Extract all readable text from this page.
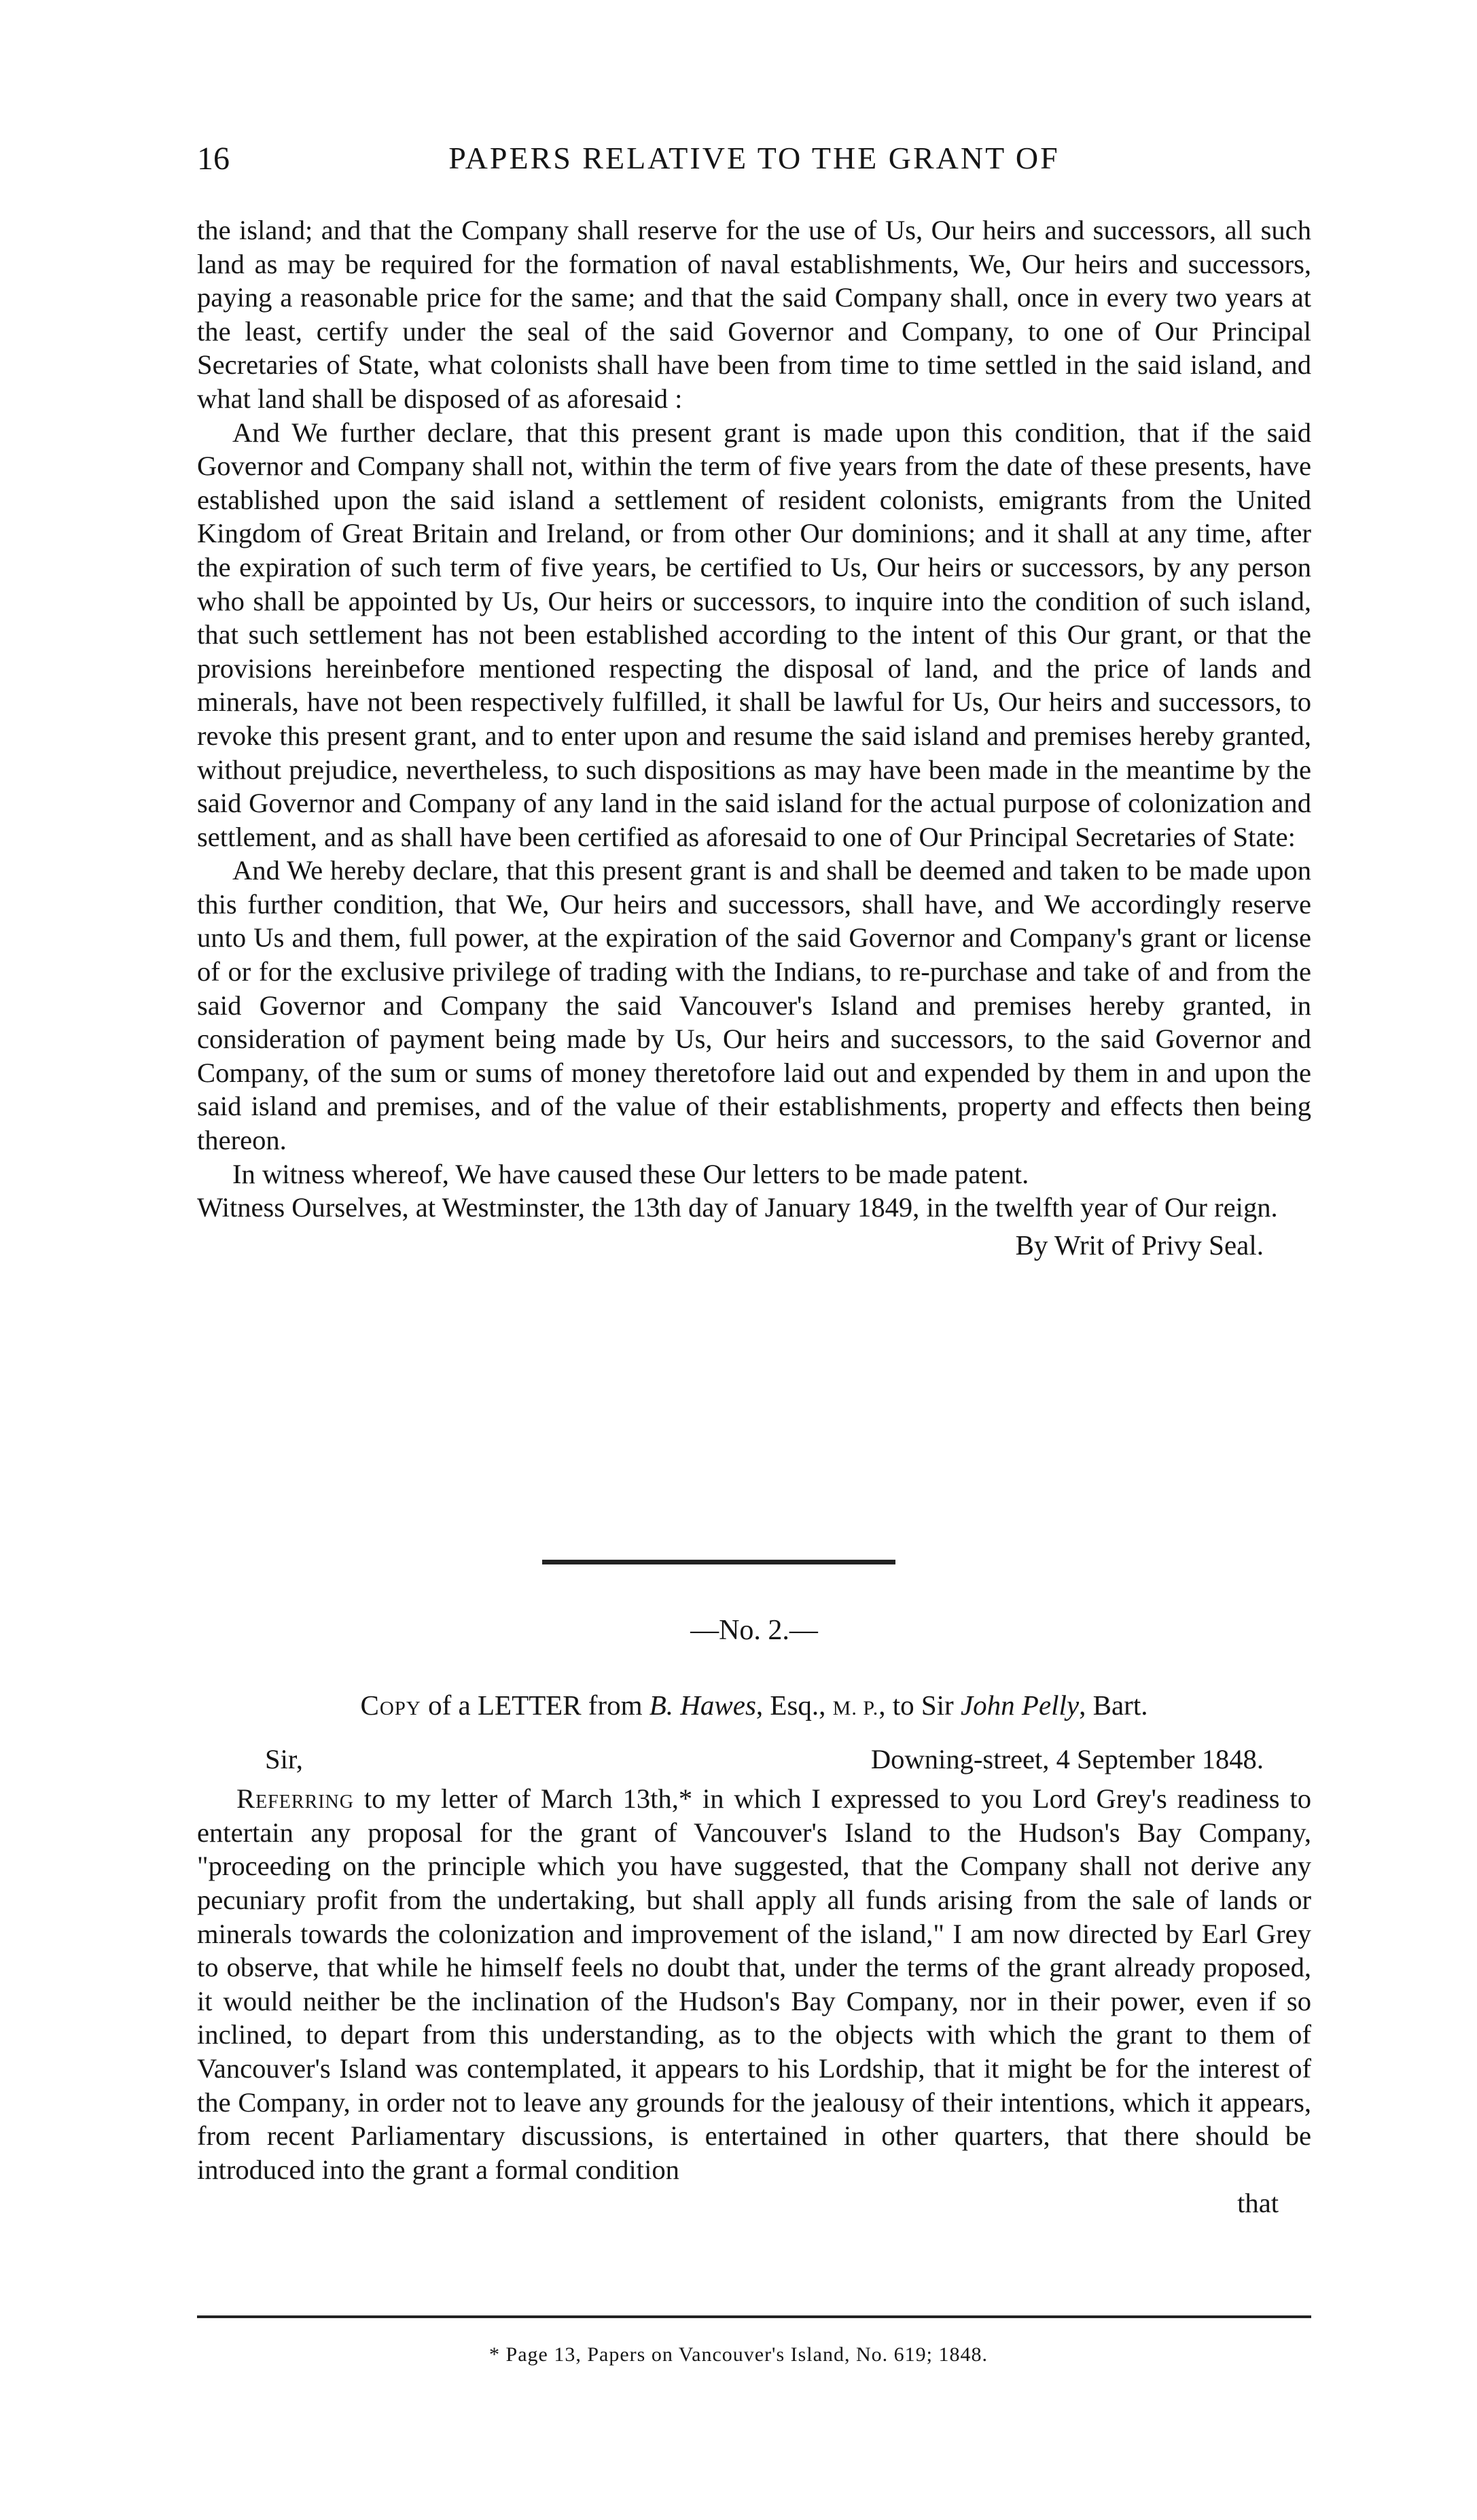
16	PAPERS RELATIVE TO THE GRANT OF

the island; and that the Company shall reserve for the use of Us, Our heirs and successors, all such land as may be required for the formation of naval establishments, We, Our heirs and successors, paying a reasonable price for the same; and that the said Company shall, once in every two years at the least, certify under the seal of the said Governor and Company, to one of Our Principal Secretaries of State, what colonists shall have been from time to time settled in the said island, and what land shall be disposed of as aforesaid :

And We further declare, that this present grant is made upon this condition, that if the said Governor and Company shall not, within the term of five years from the date of these presents, have established upon the said island a settlement of resident colonists, emigrants from the United Kingdom of Great Britain and Ireland, or from other Our dominions; and it shall at any time, after the expiration of such term of five years, be certified to Us, Our heirs or successors, by any person who shall be appointed by Us, Our heirs or successors, to inquire into the condition of such island, that such settlement has not been established according to the intent of this Our grant, or that the provisions hereinbefore mentioned respecting the disposal of land, and the price of lands and minerals, have not been respectively fulfilled, it shall be lawful for Us, Our heirs and successors, to revoke this present grant, and to enter upon and resume the said island and premises hereby granted, without prejudice, nevertheless, to such dispositions as may have been made in the meantime by the said Governor and Company of any land in the said island for the actual purpose of colonization and settlement, and as shall have been certified as aforesaid to one of Our Principal Secretaries of State:

And We hereby declare, that this present grant is and shall be deemed and taken to be made upon this further condition, that We, Our heirs and successors, shall have, and We accordingly reserve unto Us and them, full power, at the expiration of the said Governor and Company's grant or license of or for the exclusive privilege of trading with the Indians, to re-purchase and take of and from the said Governor and Company the said Vancouver's Island and premises hereby granted, in consideration of payment being made by Us, Our heirs and successors, to the said Governor and Company, of the sum or sums of money theretofore laid out and expended by them in and upon the said island and premises, and of the value of their establishments, property and effects then being thereon.

In witness whereof, We have caused these Our letters to be made patent.

Witness Ourselves, at Westminster, the 13th day of January 1849, in the twelfth year of Our reign.

By Writ of Privy Seal.

—No. 2.—

Copy of a LETTER from B. Hawes, Esq., M. P., to Sir John Pelly, Bart.

Sir,	Downing-street, 4 September 1848.

Referring to my letter of March 13th,* in which I expressed to you Lord Grey's readiness to entertain any proposal for the grant of Vancouver's Island to the Hudson's Bay Company, "proceeding on the principle which you have suggested, that the Company shall not derive any pecuniary profit from the undertaking, but shall apply all funds arising from the sale of lands or minerals towards the colonization and improvement of the island," I am now directed by Earl Grey to observe, that while he himself feels no doubt that, under the terms of the grant already proposed, it would neither be the inclination of the Hudson's Bay Company, nor in their power, even if so inclined, to depart from this understanding, as to the objects with which the grant to them of Vancouver's Island was contemplated, it appears to his Lordship, that it might be for the interest of the Company, in order not to leave any grounds for the jealousy of their intentions, which it appears, from recent Parliamentary discussions, is entertained in other quarters, that there should be introduced into the grant a formal condition

that

* Page 13, Papers on Vancouver's Island, No. 619; 1848.
